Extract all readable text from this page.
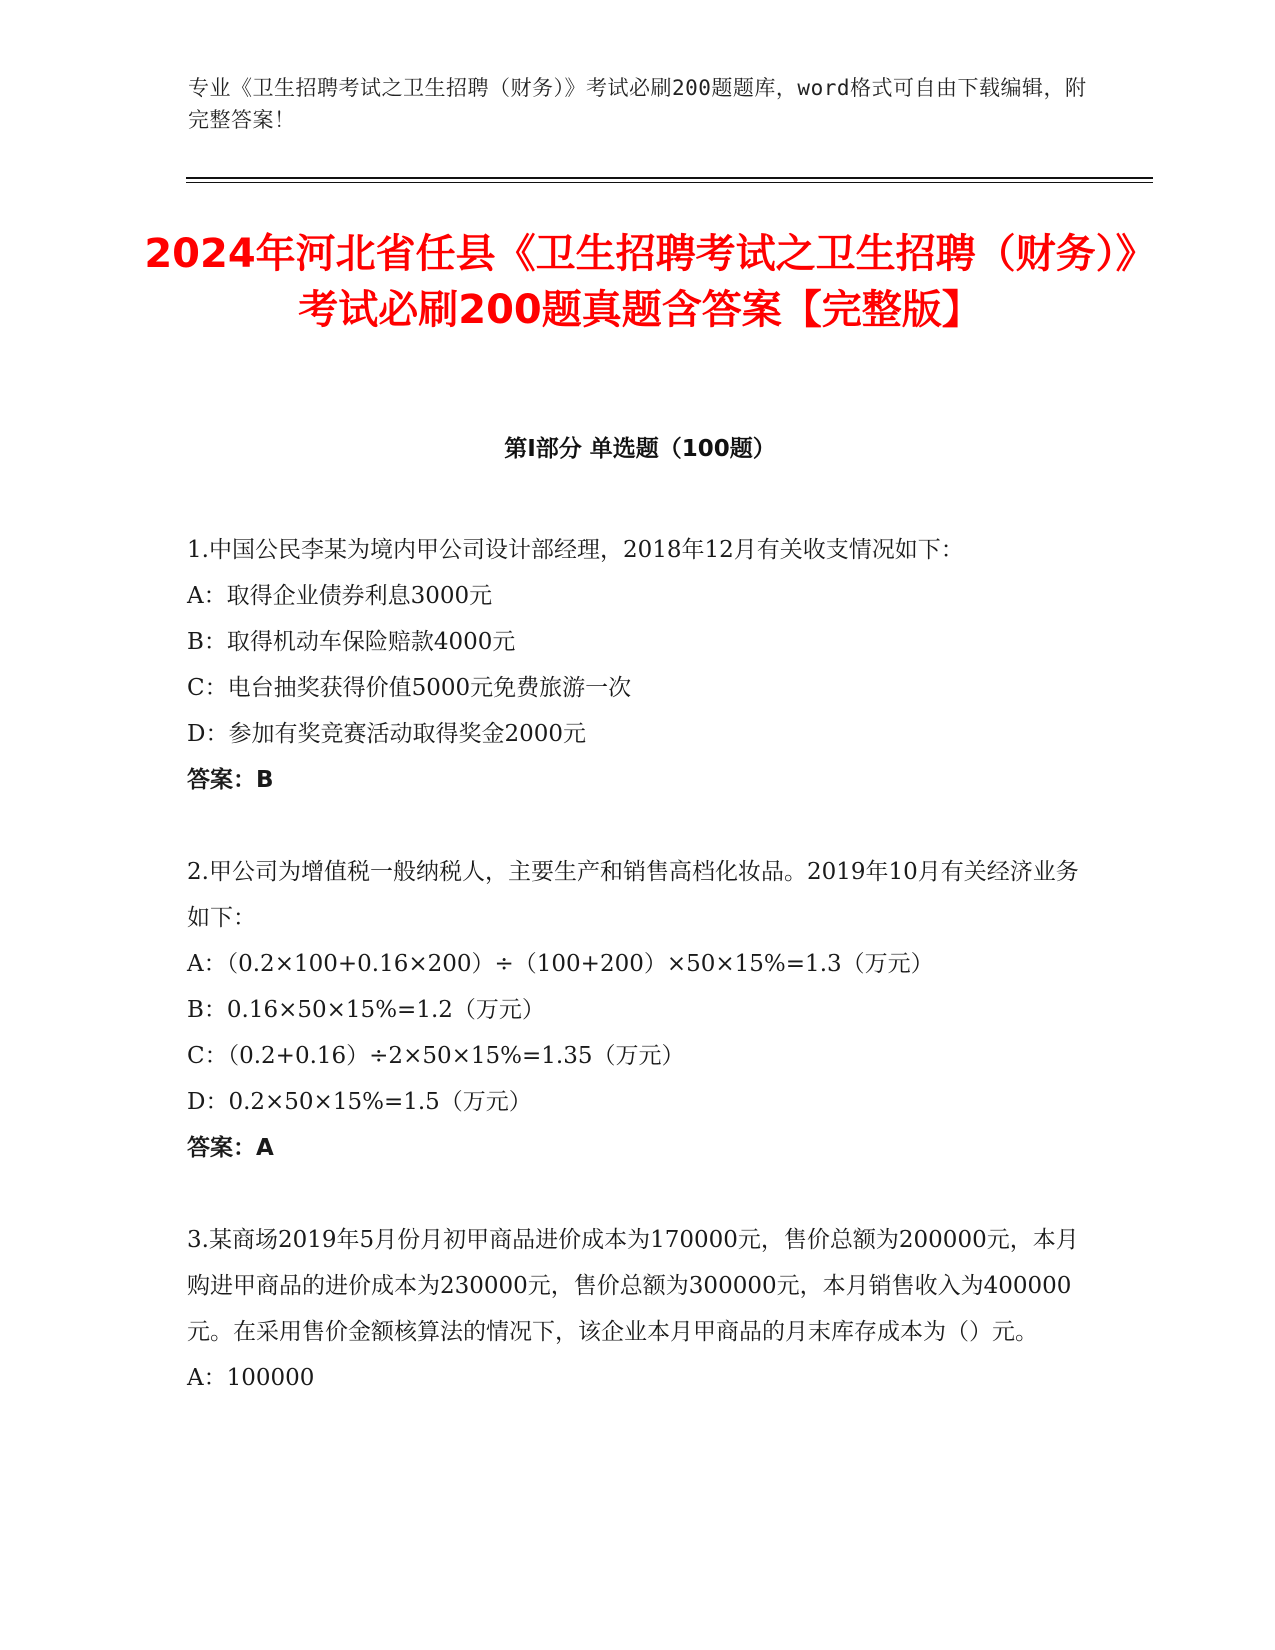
专业《卫生招聘考试之卫生招聘（财务）》考试必刷200题题库，word格式可自由下载编辑，附完整答案！
2024年河北省任县《卫生招聘考试之卫生招聘（财务）》考试必刷200题真题含答案【完整版】
第Ⅰ部分 单选题（100题）

1.中国公民李某为境内甲公司设计部经理，2018年12月有关收支情况如下：

A：取得企业债券利息3000元

B：取得机动车保险赔款4000元

C：电台抽奖获得价值5000元免费旅游一次

D：参加有奖竞赛活动取得奖金2000元

答案：B

2.甲公司为增值税一般纳税人，主要生产和销售高档化妆品。2019年10月有关经济业务如下：

A：（0.2×100+0.16×200）÷（100+200）×50×15%=1.3（万元）

B：0.16×50×15%=1.2（万元）

C：（0.2+0.16）÷2×50×15%=1.35（万元）

D：0.2×50×15%=1.5（万元）

答案：A

3.某商场2019年5月份月初甲商品进价成本为170000元，售价总额为200000元，本月购进甲商品的进价成本为230000元，售价总额为300000元，本月销售收入为400000元。在采用售价金额核算法的情况下，该企业本月甲商品的月末库存成本为（）元。

A：100000
